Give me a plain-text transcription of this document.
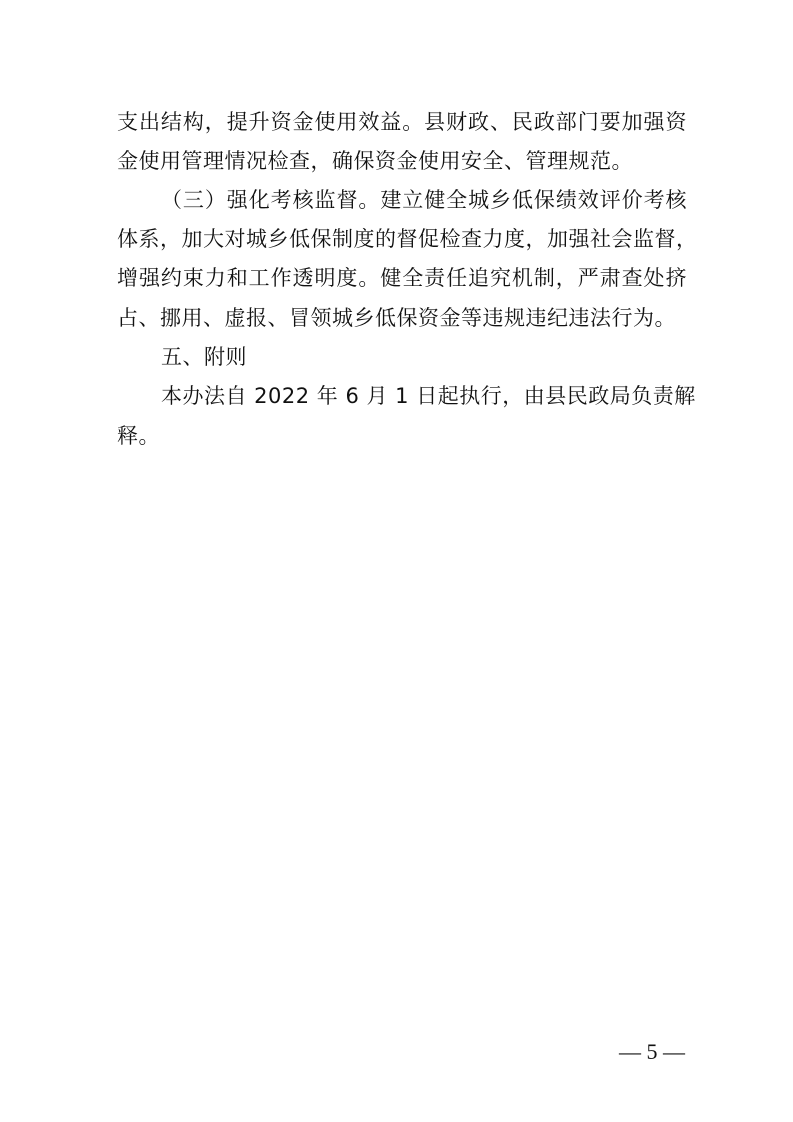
支出结构，提升资金使用效益。县财政、民政部门要加强资
金使用管理情况检查，确保资金使用安全、管理规范。
（三）强化考核监督。建立健全城乡低保绩效评价考核
体系，加大对城乡低保制度的督促检查力度，加强社会监督，
增强约束力和工作透明度。健全责任追究机制，严肃查处挤
占、挪用、虚报、冒领城乡低保资金等违规违纪违法行为。
五、附则
本办法自 2022 年 6 月 1 日起执行，由县民政局负责解
释。
— 5 —
